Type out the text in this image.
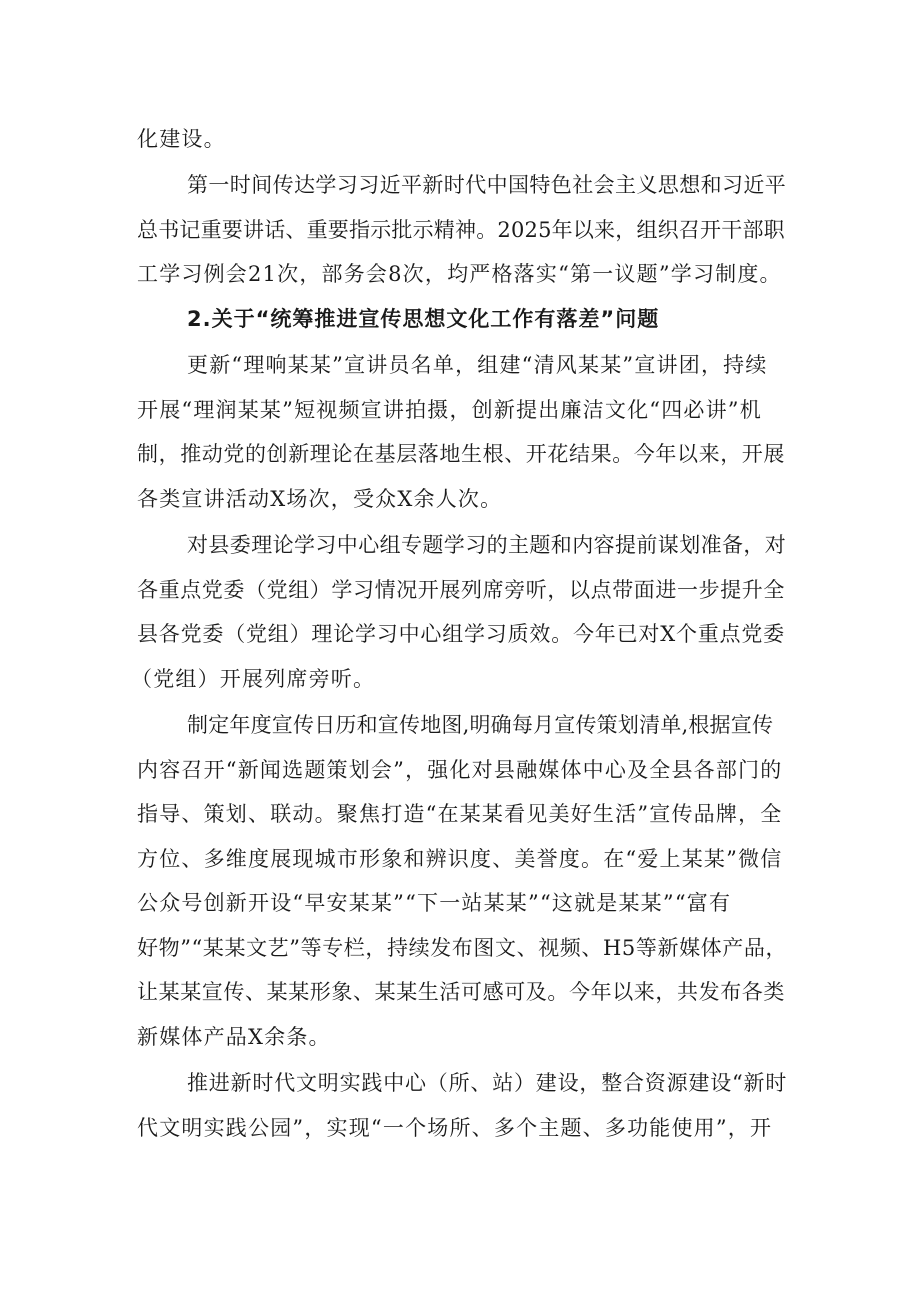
化建设。
第一时间传达学习习近平新时代中国特色社会主义思想和习近平
总书记重要讲话、重要指示批示精神。2025年以来，组织召开干部职
工学习例会21次，部务会8次，均严格落实“第一议题”学习制度。
2.关于“统筹推进宣传思想文化工作有落差”问题
更新“理响某某”宣讲员名单，组建“清风某某”宣讲团，持续
开展“理润某某”短视频宣讲拍摄，创新提出廉洁文化“四必讲”机
制，推动党的创新理论在基层落地生根、开花结果。今年以来，开展
各类宣讲活动X场次，受众X余人次。
对县委理论学习中心组专题学习的主题和内容提前谋划准备，对
各重点党委（党组）学习情况开展列席旁听，以点带面进一步提升全
县各党委（党组）理论学习中心组学习质效。今年已对X个重点党委
（党组）开展列席旁听。
制定年度宣传日历和宣传地图,明确每月宣传策划清单,根据宣传
内容召开“新闻选题策划会”，强化对县融媒体中心及全县各部门的
指导、策划、联动。聚焦打造“在某某看见美好生活”宣传品牌，全
方位、多维度展现城市形象和辨识度、美誉度。在“爱上某某”微信
公众号创新开设“早安某某”“下一站某某”“这就是某某”“富有
好物”“某某文艺”等专栏，持续发布图文、视频、H5等新媒体产品，
让某某宣传、某某形象、某某生活可感可及。今年以来，共发布各类
新媒体产品X余条。
推进新时代文明实践中心（所、站）建设，整合资源建设“新时
代文明实践公园”，实现“一个场所、多个主题、多功能使用”，开
